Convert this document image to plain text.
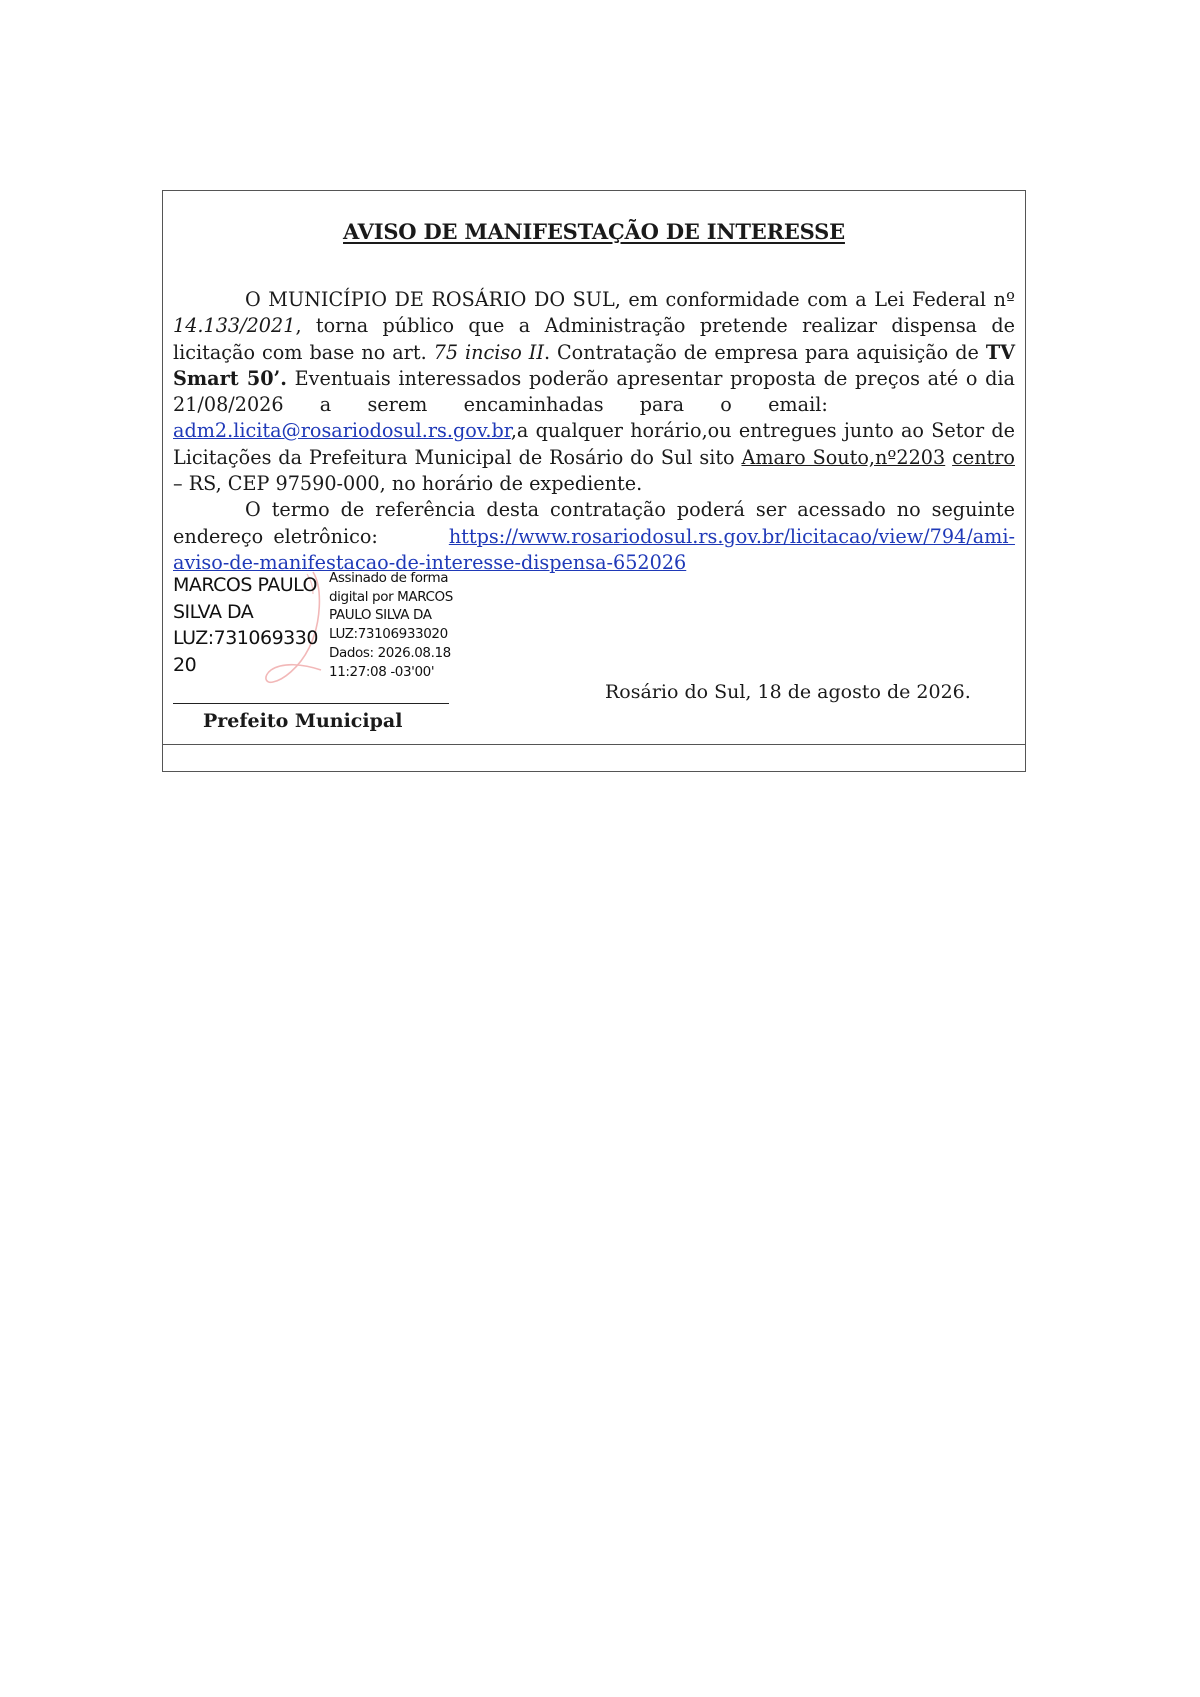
AVISO DE MANIFESTAÇÃO DE INTERESSE

O MUNICÍPIO DE ROSÁRIO DO SUL, em conformidade com a Lei Federal nº 14.133/2021, torna público que a Administração pretende realizar dispensa de licitação com base no art. 75 inciso II. Contratação de empresa para aquisição de TV Smart 50’. Eventuais interessados poderão apresentar proposta de preços até o dia 21/08/2026 a serem encaminhadas para o email:       adm2.licita@rosariodosul.rs.gov.br,a qualquer horário,ou entregues junto ao Setor de Licitações da Prefeitura Municipal de Rosário do Sul sito Amaro Souto,nº2203 centro – RS, CEP 97590-000, no horário de expediente.

O termo de referência desta contratação poderá ser acessado no seguinte endereço eletrônico:	https://www.rosariodosul.rs.gov.br/licitacao/view/794/ami-aviso-de-manifestacao-de-interesse-dispensa-652026

MARCOS PAULO
SILVA DA
LUZ:731069330
20
Assinado de forma
digital por MARCOS
PAULO SILVA DA
LUZ:73106933020
Dados: 2026.08.18
11:27:08 -03'00'
Prefeito Municipal
Rosário do Sul, 18 de agosto de 2026.
